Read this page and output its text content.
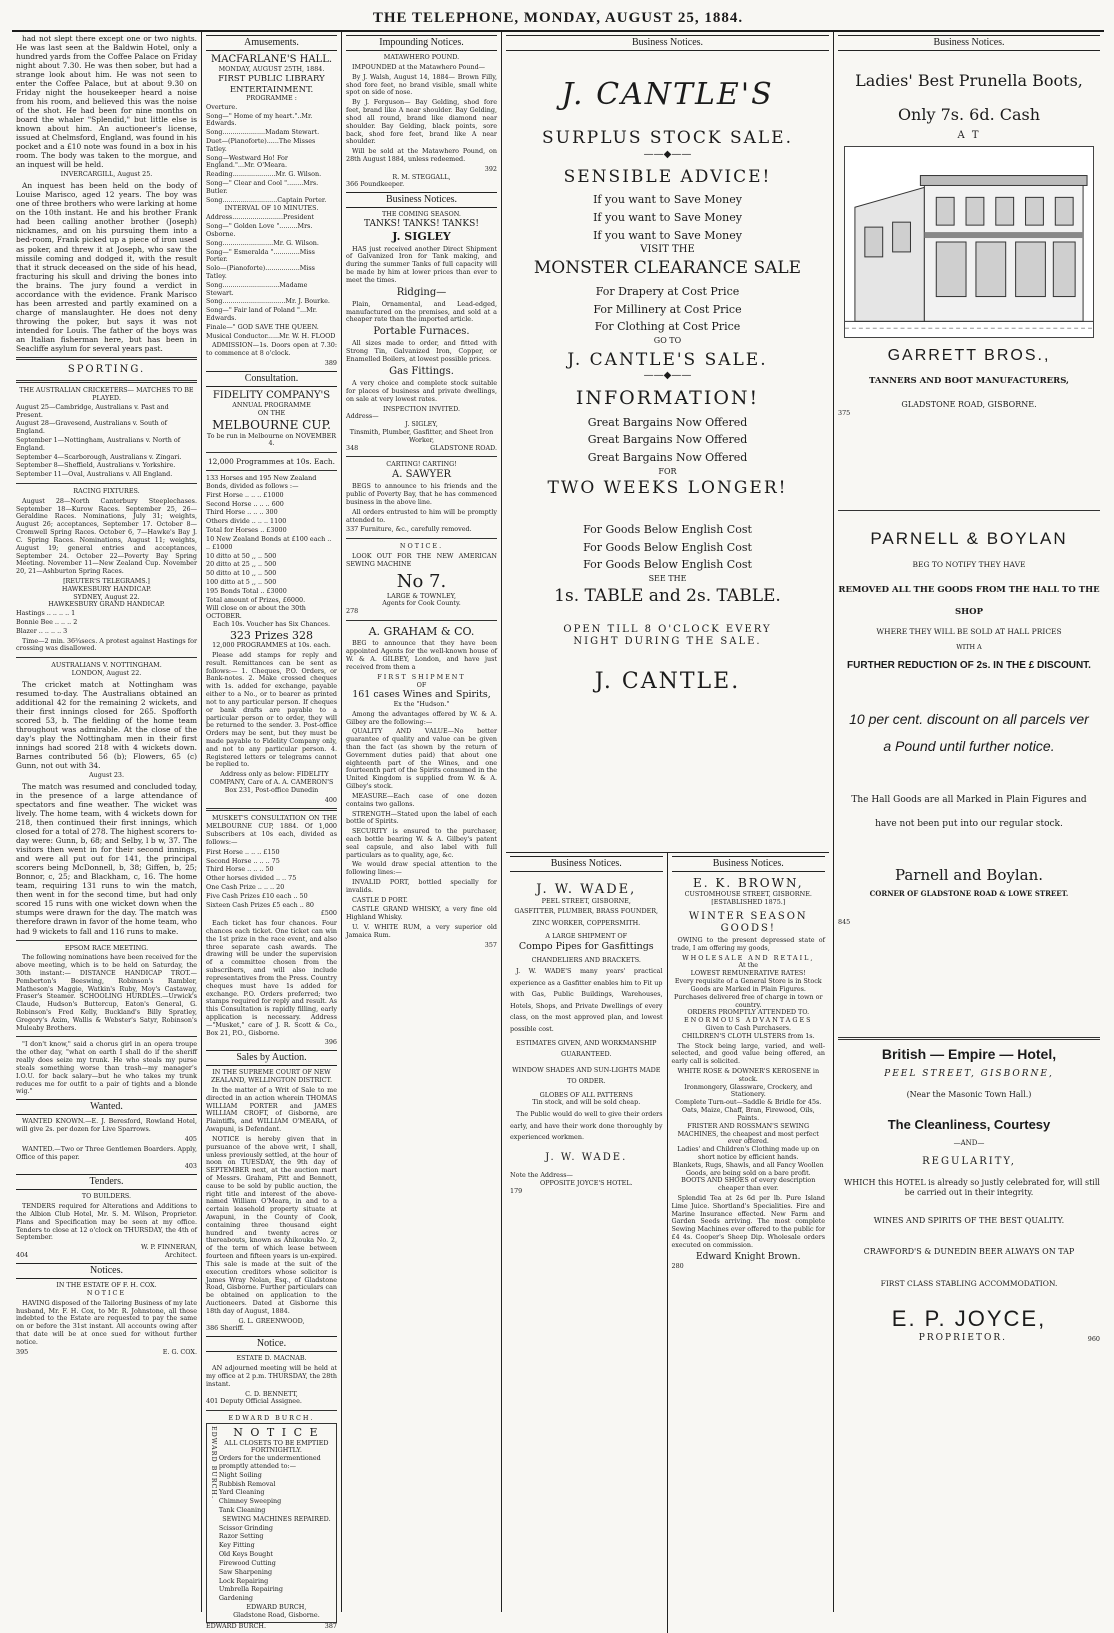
THE TELEPHONE, MONDAY, AUGUST 25, 1884.

had not slept there except one or two nights. He was last seen at the Baldwin Hotel, only a hundred yards from the Coffee Palace on Friday night about 7.30. He was then sober, but had a strange look about him. He was not seen to enter the Coffee Palace, but at about 9.30 on Friday night the housekeeper heard a noise from his room, and believed this was the noise of the shot. He had been for nine months on board the whaler "Splendid," but little else is known about him. An auctioneer's license, issued at Chelmsford, England, was found in his pocket and a £10 note was found in a box in his room. The body was taken to the morgue, and an inquest will be held.

INVERCARGILL, August 25.

An inquest has been held on the body of Louise Marisco, aged 12 years. The boy was one of three brothers who were larking at home on the 10th instant. He and his brother Frank had been calling another brother (Joseph) nicknames, and on his pursuing them into a bed-room, Frank picked up a piece of iron used as poker, and threw it at Joseph, who saw the missile coming and dodged it, with the result that it struck deceased on the side of his head, fracturing his skull and driving the bones into the brains. The jury found a verdict in accordance with the evidence. Frank Marisco has been arrested and partly examined on a charge of manslaughter. He does not deny throwing the poker, but says it was not intended for Louis. The father of the boys was an Italian fisherman here, but has been in Seacliffe asylum for several years past.

SPORTING.
THE AUSTRALIAN CRICKETERS— MATCHES TO BE PLAYED.
August 25—Cambridge, Australians v. Past and Present.
August 28—Gravesend, Australians v. South of England.
September 1—Nottingham, Australians v. North of England.
September 4—Scarborough, Australians v. Zingari.
September 8—Sheffield, Australians v. Yorkshire.
September 11—Oval, Australians v. All England.
RACING FIXTURES.

August 28—North Canterbury Steeplechases. September 18—Kurow Races. September 25, 26—Geraldine Races. Nominations, July 31; weights, August 26; acceptances, September 17. October 8—Cromwell Spring Races. October 6, 7—Hawke's Bay J. C. Spring Races. Nominations, August 11; weights, August 19; general entries and acceptances, September 24. October 22—Poverty Bay Spring Meeting. November 11—New Zealand Cup. November 20, 21—Ashburton Spring Races.

[REUTER'S TELEGRAMS.]
HAWKESBURY HANDICAP.
SYDNEY, August 22.
HAWKESBURY GRAND HANDICAP.
Hastings .. .. .. .. 1
Bonnie Bee .. .. .. 2
Blazer .. .. .. .. 3

Time—2 min. 36¾secs. A protest against Hastings for crossing was disallowed.

AUSTRALIANS V. NOTTINGHAM.
LONDON, August 22.

The cricket match at Nottingham was resumed to-day. The Australians obtained an additional 42 for the remaining 2 wickets, and their first innings closed for 265. Spofforth scored 53, b. The fielding of the home team throughout was admirable. At the close of the day's play the Nottingham men in their first innings had scored 218 with 4 wickets down. Barnes contributed 56 (b); Flowers, 65 (c) Gunn, not out with 34.

August 23.

The match was resumed and concluded today, in the presence of a large attendance of spectators and fine weather. The wicket was lively. The home team, with 4 wickets down for 218, then continued their first innings, which closed for a total of 278. The highest scorers to-day were: Gunn, b, 68; and Selby, l b w, 37. The visitors then went in for their second innings, and were all put out for 141, the principal scorers being McDonnell, b, 38; Giffen, b, 25; Bonnor, c, 25; and Blackham, c, 16. The home team, requiring 131 runs to win the match, then went in for the second time, but had only scored 15 runs with one wicket down when the stumps were drawn for the day. The match was therefore drawn in favor of the home team, who had 9 wickets to fall and 116 runs to make.

EPSOM RACE MEETING.

The following nominations have been received for the above meeting, which is to be held on Saturday, the 30th instant:— DISTANCE HANDICAP TROT.—Pemberton's Beeswing, Robinson's Rambler, Matheson's Maggie, Watkin's Ruby, Moy's Castaway, Fraser's Steamer. SCHOOLING HURDLES.—Urwick's Claude, Hudson's Buttercup, Eaton's General, G. Robinson's Fred Kelly, Buckland's Billy Spratley, Gregory's Axim, Wallis & Webster's Satyr, Robinson's Muleaby Brothers.

"I don't know," said a chorus girl in an opera troupe the other day, "what on earth I shall do if the sheriff really does seize my trunk. He who steals my purse steals something worse than trash—my manager's I.O.U. for back salary—but he who takes my trunk reduces me for outfit to a pair of tights and a blonde wig."

Wanted.

WANTED KNOWN.—E. J. Beresford, Rowland Hotel, will give 2s. per dozen for Live Sparrows.

405

WANTED.—Two or Three Gentlemen Boarders. Apply, Office of this paper.

403
Tenders.
TO BUILDERS.

TENDERS required for Alterations and Additions to the Albion Club Hotel, Mr. S. M. Wilson, Proprietor. Plans and Specification may be seen at my office. Tenders to close at 12 o'clock on THURSDAY, the 4th of September.

W. P. FINNERAN,
404	Architect.
Notices.
IN THE ESTATE OF F. H. COX.
NOTICE

HAVING disposed of the Tailoring Business of my late husband, Mr. F. H. Cox, to Mr. R. Johnstone, all those indebted to the Estate are requested to pay the same on or before the 31st instant. All accounts owing after that date will be at once sued for without further notice.

395	E. G. COX.
Amusements.
MACFARLANE'S HALL.
MONDAY, AUGUST 25TH, 1884.
FIRST PUBLIC LIBRARY ENTERTAINMENT.
PROGRAMME :
Overture.
Song—" Home of my heart."..Mr. Edwards.
Song.....................Madam Stewart.
Duet—(Pianoforte)......The Misses Tatley.
Song—Westward Ho! For England."...Mr. O'Meara.
Reading.....................Mr. G. Wilson.
Song—" Clear and Cool "........Mrs. Butler.
Song...........................Captain Porter.
INTERVAL OF 10 MINUTES.
Address.........................President
Song—" Golden Love ".........Mrs. Osborne.
Song.........................Mr. G. Wilson.
Song—" Esmeralda ".............Miss Porter.
Solo—(Pianoforte).................Miss Tatley.
Song............................Madame Stewart.
Song...............................Mr. J. Bourke.
Song—" Fair land of Poland "...Mr. Edwards.
Finale—" GOD SAVE THE QUEEN.
Musical Conductor......Mr. W. H. FLOOD

ADMISSION—1s. Doors open at 7.30: to commence at 8 o'clock.

389
Consultation.
FIDELITY COMPANY'S
ANNUAL PROGRAMME
ON THE
MELBOURNE CUP.
To be run in Melbourne on NOVEMBER 4.
12,000 Programmes at 10s. Each.
133 Horses and 195 New Zealand Bonds, divided as follows :—
First Horse .. .. .. £1000
Second Horse .. .. .. 600
Third Horse .. .. .. 300
Others divide .. .. .. 1100
Total for Horses .. £3000
10 New Zealand Bonds at £100 each .. .. £1000
10 ditto at 50 ,, .. 500
20 ditto at 25 ,, .. 500
50 ditto at 10 ,, .. 500
100 ditto at 5 ,, .. 500
195 Bonds Total .. £3000
Total amount of Prizes, £6000.
Will close on or about the 30th OCTOBER.
Each 10s. Voucher has Six Chances.
323 Prizes 328
12,000 PROGRAMMES at 10s. each.

Please add stamps for reply and result. Remittances can be sent as follows:— 1. Cheques, P.O. Orders, or Bank-notes. 2. Make crossed cheques with 1s. added for exchange, payable either to a No., or to bearer as printed not to any particular person. If cheques or bank drafts are payable to a particular person or to order, they will be returned to the sender. 3. Post-office Orders may be sent, but they must be made payable to Fidelity Company only, and not to any particular person. 4. Registered letters or telegrams cannot be replied to.

Address only as below: FIDELITY COMPANY, Care of A. A. CAMERON'S Box 231, Post-office Dunedin

400

MUSKET'S CONSULTATION ON THE MELBOURNE CUP, 1884. Of 1,000 Subscribers at 10s each, divided as follows:—

First Horse .. .. .. £150
Second Horse .. .. .. 75
Third Horse .. .. .. 50
Other horses divided .. .. 75
One Cash Prize .. .. .. 20
Five Cash Prizes £10 each .. 50
Sixteen Cash Prizes £5 each .. 80
£500

Each ticket has four chances. Four chances each ticket. One ticket can win the 1st prize in the race event, and also three separate cash awards. The drawing will be under the supervision of a committee chosen from the subscribers, and will also include representatives from the Press. Country cheques must have 1s added for exchange. P.O. Orders preferred; two stamps required for reply and result. As this Consultation is rapidly filling, early application is necessary. Address—"Musket," care of J. R. Scott & Co., Box 21, P.O., Gisborne.

396
Sales by Auction.
IN THE SUPREME COURT OF NEW ZEALAND, WELLINGTON DISTRICT.

In the matter of a Writ of Sale to me directed in an action wherein THOMAS WILLIAM PORTER and JAMES WILLIAM CROFT, of Gisborne, are Plaintiffs, and WILLIAM O'MEARA, of Awapuni, is Defendant.

NOTICE is hereby given that in pursuance of the above writ, I shall, unless previously settled, at the hour of noon on TUESDAY, the 9th day of SEPTEMBER next, at the auction mart of Messrs. Graham, Pitt and Bennett, cause to be sold by public auction, the right title and interest of the above-named William O'Meara, in and to a certain leasehold property situate at Awapuni, in the County of Cook, containing three thousand eight hundred and twenty acres or thereabouts, known as Ahikouka No. 2, of the term of which lease between fourteen and fifteen years is un-expired. This sale is made at the suit of the execution creditors whose solicitor is James Wray Nolan, Esq., of Gladstone Road, Gisborne. Further particulars can be obtained on application to the Auctioneers. Dated at Gisborne this 18th day of August, 1884.

G. L. GREENWOOD,
386 Sheriff.
Notice.
ESTATE D. MACNAB.

AN adjourned meeting will be held at my office at 2 p.m. THURSDAY, the 28th instant.

C. D. BENNETT,
401 Deputy Official Assignee.
EDWARD BURCH.
EDWARD BURCH.	N O T I C E
ALL CLOSETS TO BE EMPTIED FORTNIGHTLY.
Orders for the undermentioned promptly attended to:—
Night Soiling
Rubbish Removal
Yard Cleaning
Chimney Sweeping
Tank Cleaning
SEWING MACHINES REPAIRED.
Scissor Grinding
Razor Setting
Key Fitting
Old Keys Bought
Firewood Cutting
Saw Sharpening
Lock Repairing
Umbrella Repairing
Gardening
EDWARD BURCH,
Gladstone Road, Gisborne.
EDWARD BURCH.	387
Impounding Notices.
MATAWHERO POUND.

IMPOUNDED at the Matawhero Pound—

By J. Walsh, August 14, 1884— Brown Filly, shod fore feet, no brand visible, small white spot on side of nose.

By J. Ferguson— Bay Gelding, shod fore feet, brand like A near shoulder. Bay Gelding, shod all round, brand like diamond near shoulder. Bay Gelding, black points, sore back, shod fore feet, brand like A near shoulder.

Will be sold at the Matawhero Pound, on 28th August 1884, unless redeemed.

392
R. M. STEGGALL,
366 Poundkeeper.
Business Notices.
THE COMING SEASON.
TANKS! TANKS! TANKS!
J. SIGLEY

HAS just received another Direct Shipment of Galvanized Iron for Tank making, and during the summer Tanks of full capacity will be made by him at lower prices than ever to meet the times.

Ridging—

Plain, Ornamental, and Lead-edged, manufactured on the premises, and sold at a cheaper rate than the imported article.

Portable Furnaces.

All sizes made to order, and fitted with Strong Tin, Galvanized Iron, Copper, or Enamelled Boilers, at lowest possible prices.

Gas Fittings.

A very choice and complete stock suitable for places of business and private dwellings, on sale at very lowest rates.

INSPECTION INVITED.
Address—
J. SIGLEY,
Tinsmith, Plumber, Gasfitter, and Sheet Iron Worker,
348	GLADSTONE ROAD.
CARTING! CARTING!
A. SAWYER

BEGS to announce to his friends and the public of Poverty Bay, that he has commenced business in the above line.

All orders entrusted to him will be promptly attended to.

337 Furniture, &c., carefully removed.
NOTICE.

LOOK OUT FOR THE NEW AMERICAN SEWING MACHINE

No 7.
LARGE & TOWNLEY,
Agents for Cook County.
278
A. GRAHAM & CO.

BEG to announce that they have been appointed Agents for the well-known house of W. & A. GILBEY, London, and have just received from them a

FIRST SHIPMENT
OF
161 cases Wines and Spirits,
Ex the "Hudson."

Among the advantages offered by W. & A. Gilbey are the following:—

QUALITY AND VALUE—No better guarantee of quality and value can be given than the fact (as shown by the return of Government duties paid) that about one eighteenth part of the Wines, and one fourteenth part of the Spirits consumed in the United Kingdom is supplied from W. & A. Gilbey's stock.

MEASURE—Each case of one dozen contains two gallons.

STRENGTH—Stated upon the label of each bottle of Spirits.

SECURITY is ensured to the purchaser, each bottle bearing W. & A. Gilbey's patent seal capsule, and also label with full particulars as to quality, age, &c.

We would draw special attention to the following lines:—

INVALID PORT, bottled specially for invalids.

CASTLE D PORT.

CASTLE GRAND WHISKY, a very fine old Highland Whisky.

U. V. WHITE RUM, a very superior old Jamaica Rum.

357
Business Notices.
J. CANTLE'S
SURPLUS STOCK SALE.
——◆——
SENSIBLE ADVICE!
If you want to Save Money
If you want to Save Money
If you want to Save Money
VISIT THE
MONSTER CLEARANCE SALE
For Drapery at Cost Price
For Millinery at Cost Price
For Clothing at Cost Price
GO TO
J. CANTLE'S SALE.
——◆——
INFORMATION!
Great Bargains Now Offered
Great Bargains Now Offered
Great Bargains Now Offered
FOR
TWO WEEKS LONGER!
For Goods Below English Cost
For Goods Below English Cost
For Goods Below English Cost
SEE THE
1s. TABLE and 2s. TABLE.
OPEN TILL 8 O'CLOCK EVERY NIGHT DURING THE SALE.
J. CANTLE.
Business Notices.
J. W. WADE,
PEEL STREET, GISBORNE,
GASFITTER, PLUMBER, BRASS FOUNDER, ZINC WORKER, COPPERSMITH.
A LARGE SHIPMENT OF
Compo Pipes for Gasfittings
CHANDELIERS AND BRACKETS.

J. W. WADE'S many years' practical experience as a Gasfitter enables him to Fit up with Gas, Public Buildings, Warehouses, Hotels, Shops, and Private Dwellings of every class, on the most approved plan, and lowest possible cost.

ESTIMATES GIVEN, AND WORKMANSHIP GUARANTEED.
WINDOW SHADES AND SUN-LIGHTS MADE TO ORDER.
GLOBES OF ALL PATTERNS
Tin stock, and will be sold cheap.

The Public would do well to give their orders early, and have their work done thoroughly by experienced workmen.

J. W. WADE.
Note the Address—
OPPOSITE JOYCE'S HOTEL.
179
Business Notices.
E. K. BROWN,
CUSTOMHOUSE STREET, GISBORNE.
[ESTABLISHED 1875.]
WINTER SEASON GOODS!

OWING to the present depressed state of trade, I am offering my goods,

WHOLESALE AND RETAIL,
At the
LOWEST REMUNERATIVE RATES!
Every requisite of a General Store is in Stock
Goods are Marked in Plain Figures.
Purchases delivered free of charge in town or country.
ORDERS PROMPTLY ATTENDED TO.
ENORMOUS ADVANTAGES
Given to Cash Purchasers.
CHILDREN'S CLOTH ULSTERS from 1s.

The Stock being large, varied, and well-selected, and good value being offered, an early call is solicited.

WHITE ROSE & DOWNER'S KEROSENE in stock.
Ironmongery, Glassware, Crockery, and Stationery.
Complete Turn-out—Saddle & Bridle for 45s.
Oats, Maize, Chaff, Bran, Firewood, Oils, Paints.
FRISTER AND ROSSMAN'S SEWING MACHINES, the cheapest and most perfect ever offered.
Ladies' and Children's Clothing made up on short notice by efficient hands.
Blankets, Rugs, Shawls, and all Fancy Woollen Goods, are being sold on a bare profit.
BOOTS AND SHOES of every description cheaper than ever.

Splendid Tea at 2s 6d per lb. Pure Island Lime Juice. Shortland's Specialities. Fire and Marine Insurance effected. New Farm and Garden Seeds arriving. The most complete Sewing Machines ever offered to the public for £4 4s. Cooper's Sheep Dip. Wholesale orders executed on commission.

Edward Knight Brown.
280
Business Notices.
Ladies' Best Prunella Boots,
Only 7s. 6d. Cash
A T
GARRETT BROS.,
TANNERS AND BOOT MANUFACTURERS,
GLADSTONE ROAD, GISBORNE.
375
PARNELL & BOYLAN
BEG TO NOTIFY THEY HAVE
REMOVED ALL THE GOODS FROM THE HALL TO THE SHOP
WHERE THEY WILL BE SOLD AT HALL PRICES
WITH A
FURTHER REDUCTION OF 2s. IN THE £ DISCOUNT.
10 per cent. discount on all parcels ver a Pound until further notice.
The Hall Goods are all Marked in Plain Figures and have not been put into our regular stock.
Parnell and Boylan.
CORNER OF GLADSTONE ROAD & LOWE STREET.
845
British — Empire — Hotel,
PEEL STREET, GISBORNE,
(Near the Masonic Town Hall.)
The Cleanliness, Courtesy
—AND—
REGULARITY,

WHICH this HOTEL is already so justly celebrated for, will still be carried out in their integrity.

WINES AND SPIRITS OF THE BEST QUALITY.
CRAWFORD'S & DUNEDIN BEER ALWAYS ON TAP
FIRST CLASS STABLING ACCOMMODATION.
E. P. JOYCE,
PROPRIETOR.	960
